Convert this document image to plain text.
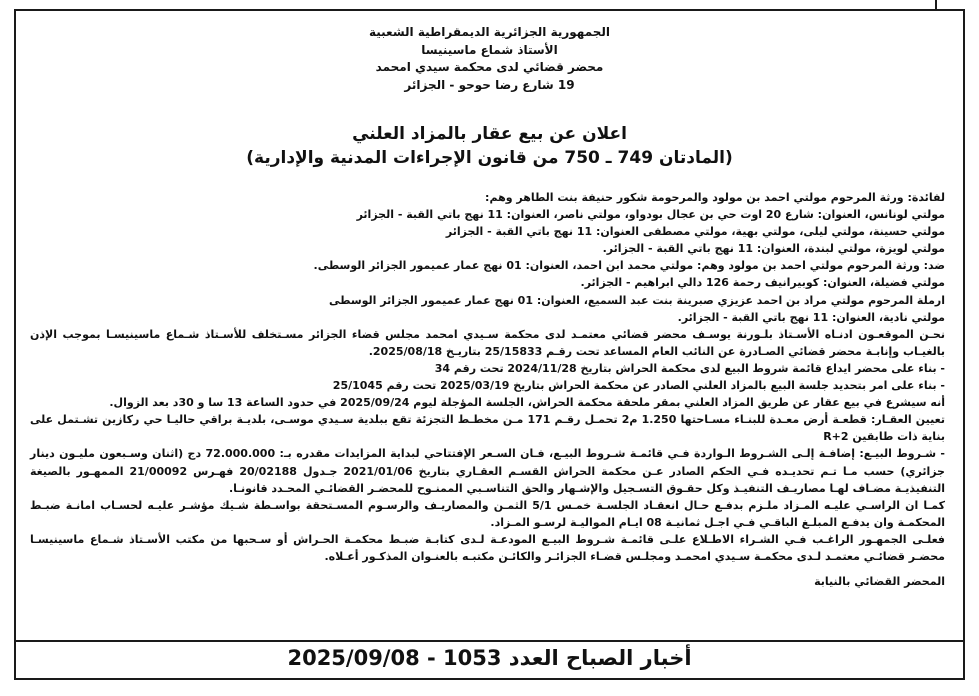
الجمهورية الجزائرية الديمقراطية الشعبية
الأستاذ شماع ماسينيسا
محضر قضائي لدى محكمة سيدي امحمد
19 شارع رضا حوحو - الجزائر
اعلان عن بيع عقار بالمزاد العلني
(المادتان 749 ـ 750 من قانون الإجراءات المدنية والإدارية)

لفائدة: ورثة المرحوم مولتي احمد بن مولود والمرحومة شكور حنيفة بنت الطاهر وهم:

مولتي لونانس، العنوان: شارع 20 اوت حي بن عجال بودواو، مولتي ناصر، العنوان: 11 نهج باتي القبة - الجزائر

مولتي حسينة، مولتي ليلى، مولتي بهية، مولتي مصطفى العنوان: 11 نهج باتي القبة - الجزائر

مولتي لويزة، مولتي لبندة، العنوان: 11 نهج باتي القبة - الجزائر.

ضد: ورثة المرحوم مولتي احمد بن مولود وهم: مولتي محمد ابن احمد، العنوان: 01 نهج عمار عميمور الجزائر الوسطى.

مولتي فضيلة، العنوان: كوبيرانيف رحمة 126 دالي ابراهيم - الجزائر.

ارملة المرحوم مولتي مراد بن احمد عزيزي صبرينة بنت عبد السميع، العنوان: 01 نهج عمار عميمور الجزائر الوسطى

مولتي نادية، العنوان: 11 نهج باتي القبة - الجزائر.

نحـن الموقعـون ادنـاه الأسـتاذ بلـورنة يوسـف محضر قضائي معتمـد لدى محكمة سـيدي امحمد مجلس قضاء الجزائر مسـتخلف للأسـتاذ شـماع ماسينيسـا بموجب الإذن بالغيـاب وإنابـة محضر قضائي الصـادرة عن النائب العام المساعد تحت رقـم 25/15833 بتاريـخ 2025/08/18.

- بناء على محضر ايداع قائمة شروط البيع لدى محكمة الحراش بتاريخ 2024/11/28 تحت رقم 34

- بناء على امر بتحديد جلسة البيع بالمزاد العلني الصادر عن محكمة الحراش بتاريخ 2025/03/19 تحت رقم 25/1045

أنه سيشرع في بيع عقار عن طريق المزاد العلني بمقر ملحقة محكمة الحراش، الجلسة المؤجلة ليوم 2025/09/24 في حدود الساعة 13 سا و 30د بعد الزوال.

تعيين العقـار: قطعـة أرض معـدة للبنـاء مسـاحتها 1.250 م2 تحمـل رقـم 171 مـن مخطـط التجزئة تقع ببلدية سـيدي موسـى، بلديـة براقي حاليـا حي ركازين تشـتمل على بناية ذات طابقين R+2

- شـروط البيـع: إضافـة إلـى الشـروط الـواردة فـي قائمـة شـروط البيـع، فـان السـعر الإفتتاحي لبداية المزايدات مقدره بـ: 72.000.000 دج (اثنان وسـبعون مليـون دينار جزائري) حسب مـا تـم تحديـده فـي الحكم الصادر عـن محكمة الحراش القسـم العقـاري بتاريخ 2021/01/06 جـدول 20/02188 فهـرس 21/00092 الممهـور بالصيغة التنفيذيـة مضـاف لهـا مصاريـف التنفيـذ وكل حقـوق التسـجيل والإشـهار والحق التناسـبي الممنـوح للمحضـر القضائـي المحـدد قانونـا.

كمـا ان الراسـي عليـه المـزاد ملـزم بدفـع حـال انعقـاد الجلسـة خمـس 5/1 الثمـن والمصاريـف والرسـوم المسـتحقة بواسـطة شـيك مؤشـر عليـه لحسـاب امانـة ضبـط المحكمـة وان يدفـع المبلـغ الباقـي فـي اجـل ثمانيـة 08 ايـام المواليـة لرسـو المـزاد.

فعلـى الجمهـور الراغـب فـي الشـراء الاطـلاع علـى قائمـة شـروط البيـع المودعـة لـدى كتابـة ضبـط محكمـة الحـراش أو سـحبها من مكتب الأسـتاذ شـماع ماسينيسـا محضـر قضائـي معتمـد لـدى محكمـة سـيدي امحمـد ومجلـس قضـاء الجزائـر والكائـن مكتبـه بالعنـوان المذكـور أعـلاه.

المحضر القضائي بالنيابة

أخبار الصباح العدد 1053 - 2025/09/08
